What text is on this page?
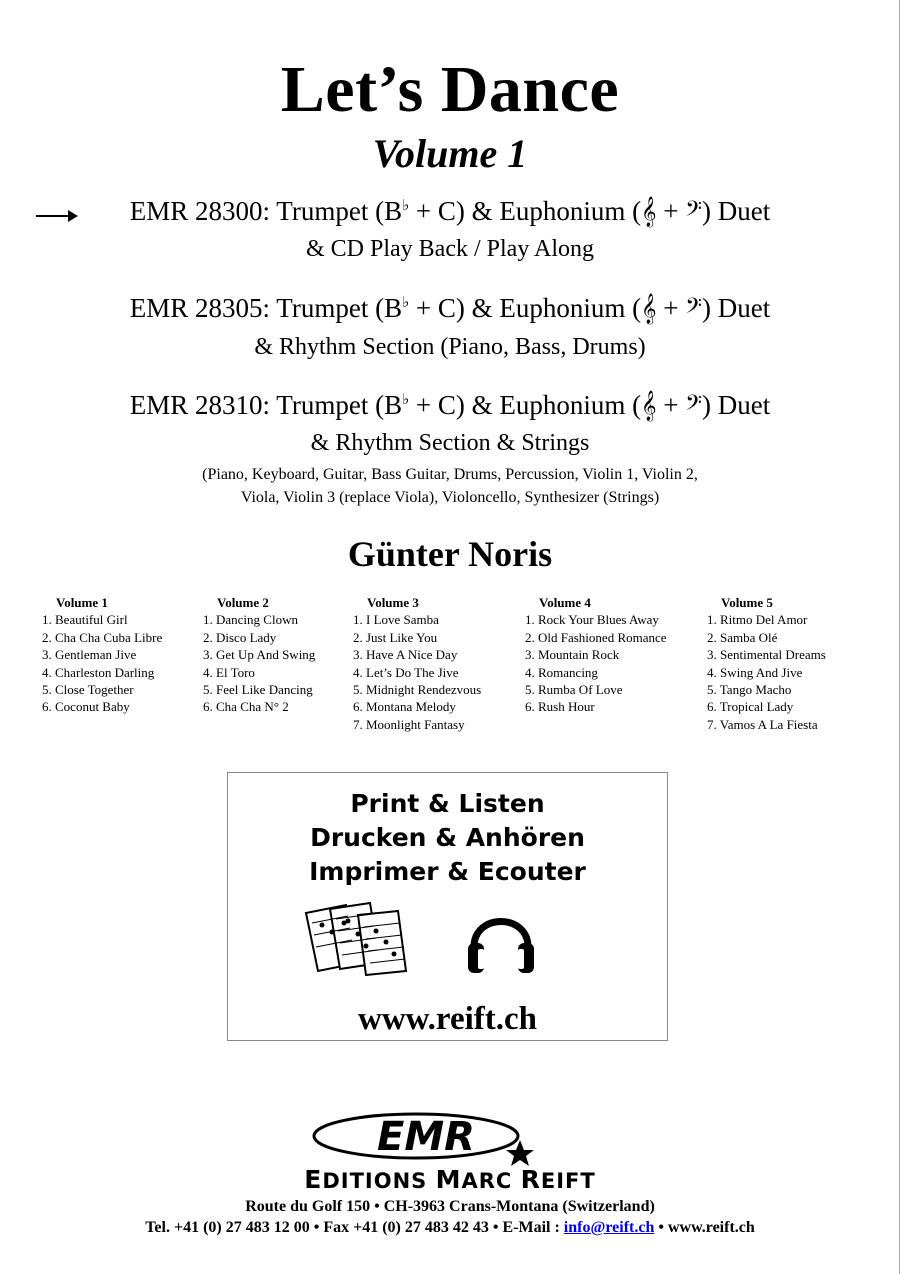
Let’s Dance
Volume 1
EMR 28300: Trumpet (B♭ + C) & Euphonium (𝄞 + 𝄢) Duet
& CD Play Back / Play Along
EMR 28305: Trumpet (B♭ + C) & Euphonium (𝄞 + 𝄢) Duet
& Rhythm Section (Piano, Bass, Drums)
EMR 28310: Trumpet (B♭ + C) & Euphonium (𝄞 + 𝄢) Duet
& Rhythm Section & Strings
(Piano, Keyboard, Guitar, Bass Guitar, Drums, Percussion, Violin 1, Violin 2,
Viola, Violin 3 (replace Viola), Violoncello, Synthesizer (Strings)
Günter Noris
Volume 1
1. Beautiful Girl
2. Cha Cha Cuba Libre
3. Gentleman Jive
4. Charleston Darling
5. Close Together
6. Coconut Baby
Volume 2
1. Dancing Clown
2. Disco Lady
3. Get Up And Swing
4. El Toro
5. Feel Like Dancing
6. Cha Cha N° 2
Volume 3
1. I Love Samba
2. Just Like You
3. Have A Nice Day
4. Let’s Do The Jive
5. Midnight Rendezvous
6. Montana Melody
7. Moonlight Fantasy
Volume 4
1. Rock Your Blues Away
2. Old Fashioned Romance
3. Mountain Rock
4. Romancing
5. Rumba Of Love
6. Rush Hour
Volume 5
1. Ritmo Del Amor
2. Samba Olé
3. Sentimental Dreams
4. Swing And Jive
5. Tango Macho
6. Tropical Lady
7. Vamos A La Fiesta
Print & Listen
Drucken & Anhören
Imprimer & Ecouter
www.reift.ch
EMR
EDITIONS MARC REIFT
Route du Golf 150 • CH-3963 Crans-Montana (Switzerland)
Tel. +41 (0) 27 483 12 00 • Fax +41 (0) 27 483 42 43 • E-Mail : info@reift.ch • www.reift.ch
